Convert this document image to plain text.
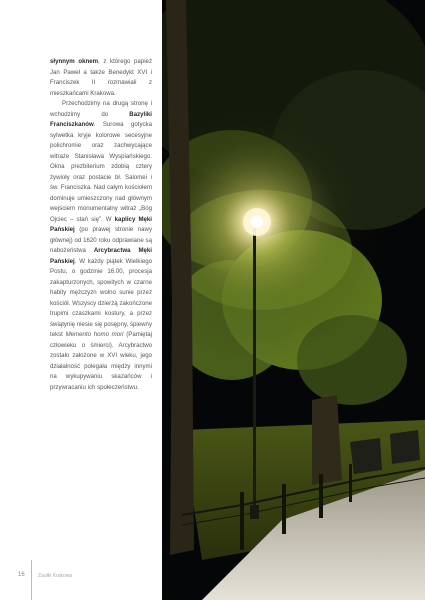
słynnym oknem, z którego papież Jan Paweł a także Benedykt XVI i Franciszek II rozmawiali z mieszkańcami Krakowa.

Przechodzimy na drugą stronę i wchodzimy do Bazyliki Franciszkanów. Surowa gotycka sylwetka kryje kolorowe secesyjne polichromie oraz zachwycające witraże Stanisława Wyspiańskiego. Okna prezbiterium zdobią cztery żywioły oraz postacie bł. Salomei i św. Franciszka. Nad całym kościołem dominuje umieszczony nad głównym wejściem monumentalny witraż „Bóg Ojciec – stań się”. W kaplicy Męki Pańskiej (po prawej stronie nawy głównej) od 1620 roku odprawiane są nabożeństwa Arcybractwa Męki Pańskiej. W każdy piątek Wielkiego Postu, o godzinie 16.00, procesja zakapturzonych, spowitych w czarne habity mężczyzn wolno sunie przez kościół. Wszyscy dzierżą zakończone trupimi czaszkami kostury, a przez świątynię niesie się posępny, śpiewny tekst Memento homo mori (Pamiętaj człowieku o śmierci). Arcybractwo zostało założone w XVI wieku, jego działalność polegała między innymi na wykupywaniu skazańców i przywracaniu ich społeczeństwu.

16	Zaułki Krakowa
